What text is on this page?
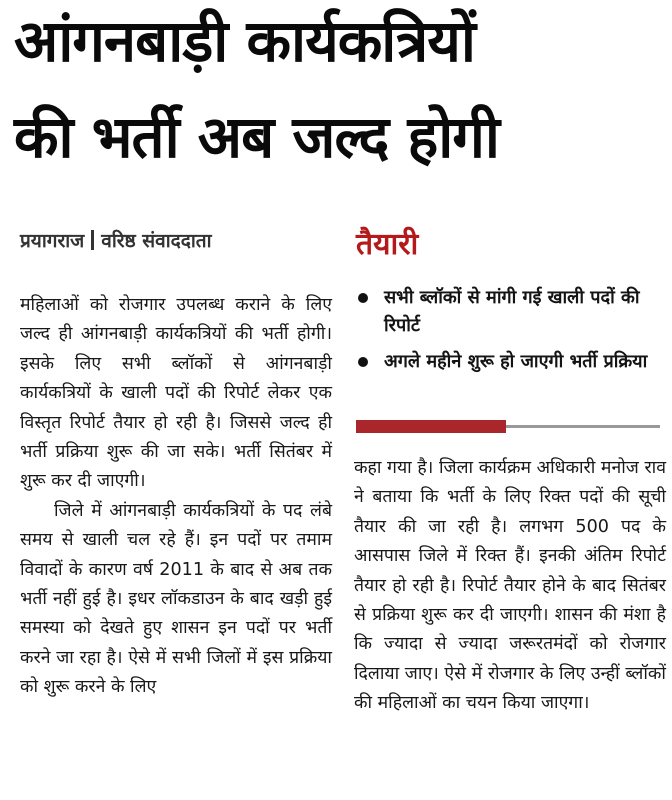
आंगनबाड़ी कार्यकत्रियों
की भर्ती अब जल्द होगी
प्रयागराज वरिष्ठ संवाददाता	तैयारी
सभी ब्लॉकों से मांगी गई खाली पदों की रिपोर्ट
अगले महीने शुरू हो जाएगी भर्ती प्रक्रिया

महिलाओं को रोजगार उपलब्ध कराने के लिए जल्द ही आंगनबाड़ी कार्यकत्रियों की भर्ती होगी। इसके लिए सभी ब्लॉकों से आंगनबाड़ी कार्यकत्रियों के खाली पदों की रिपोर्ट लेकर एक विस्तृत रिपोर्ट तैयार हो रही है। जिससे जल्द ही भर्ती प्रक्रिया शुरू की जा सके। भर्ती सितंबर में शुरू कर दी जाएगी।

जिले में आंगनबाड़ी कार्यकत्रियों के पद लंबे समय से खाली चल रहे हैं। इन पदों पर तमाम विवादों के कारण वर्ष 2011 के बाद से अब तक भर्ती नहीं हुई है। इधर लॉकडाउन के बाद खड़ी हुई समस्या को देखते हुए शासन इन पदों पर भर्ती करने जा रहा है। ऐसे में सभी जिलों में इस प्रक्रिया को शुरू करने के लिए

कहा गया है। जिला कार्यक्रम अधिकारी मनोज राव ने बताया कि भर्ती के लिए रिक्त पदों की सूची तैयार की जा रही है। लगभग 500 पद के आसपास जिले में रिक्त हैं। इनकी अंतिम रिपोर्ट तैयार हो रही है। रिपोर्ट तैयार होने के बाद सितंबर से प्रक्रिया शुरू कर दी जाएगी। शासन की मंशा है कि ज्यादा से ज्यादा जरूरतमंदों को रोजगार दिलाया जाए। ऐसे में रोजगार के लिए उन्हीं ब्लॉकों की महिलाओं का चयन किया जाएगा।
